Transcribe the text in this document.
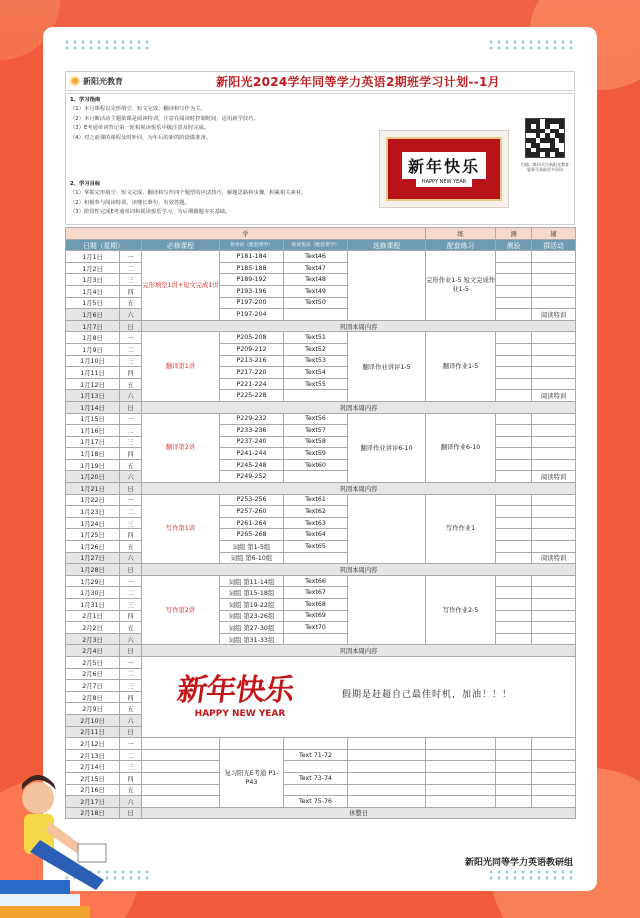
新阳光教育	新阳光2024学年同等学力英语2期班学习计划--1月
1、学习指南
（1）本月课程以完形填空、短文完成、翻译和写作为主。
（2）本月断活动主题依课是阅读特训，注意在阅读时控制时间，适用新学技巧。
（3）E考通单词背记第一轮和视读悦乐中级注意及时完成。
（4）对之前课的课程及时补回，为年后的新的阶段做准备。
2、学习目标
（1）掌握完形填空、短文完成、翻译和写作四个题型的应试技巧，解题思路和步骤，积累相关素材。
（2）积极参与阅读特训，读懂长难句，有效答题。
（3）阶段性完成E考通单词和视读悦乐学习，为后期做题夯实基础。
新年快乐
HAPPY NEW YEAR
扫描二维码关注新阳光教育服务号获取更多资讯
学						练	测	辅
日期（星期）		必修课程	背单词（配套带学）	视读悦乐（配套带学）	选修课程	配套练习	测验	群活动
1月1日	一	完形填空1讲+短文完成1讲	P181-184	Text46		完形作业1-5 短文完成作业1-5		
1月2日	二		P185-188	Text47				
1月3日	三		P189-192	Text48				
1月4日	四		P193-196	Text49				
1月5日	五		P197-200	Text50				
1月6日	六		P197-204					阅读特训
1月7日	日	巩固本周内容						
1月8日	一	翻译第1讲	P205-208	Text51	翻译作业讲评1-5	翻译作业1-5		
1月9日	二		P209-212	Text52				
1月10日	三		P213-216	Text53				
1月11日	四		P217-220	Text54				
1月12日	五		P221-224	Text55				
1月13日	六		P225-228					阅读特训
1月14日	日	巩固本周内容						
1月15日	一	翻译第2讲	P229-232	Text56	翻译作业讲评6-10	翻译作业6-10		
1月16日	二		P233-236	Text57				
1月17日	三		P237-240	Text58				
1月18日	四		P241-244	Text59				
1月19日	五		P245-248	Text60				
1月20日	六		P249-252					阅读特训
1月21日	日	巩固本周内容						
1月22日	一	写作第1讲	P253-256	Text61		写作作业1		
1月23日	二		P257-260	Text62				
1月24日	三		P261-264	Text63				
1月25日	四		P265-268	Text64				
1月26日	五		词组 第1-5组	Text65				
1月27日	六		词组 第6-10组					阅读特训
1月28日	日	巩固本周内容						
1月29日	一	写作第2讲	词组 第11-14组	Text66		写作作业2-5		
1月30日	二		词组 第15-18组	Text67				
1月31日	三		词组 第19-22组	Text68				
2月1日	四		词组 第23-26组	Text69				
2月2日	五		词组 第27-30组	Text70				
2月3日	六		词组 第31-33组					
2月4日	日	巩固本周内容						
2月5日	一	新年快乐
HAPPY NEW YEAR
假期是赶超自己最佳时机，加油！！！						

2月6日	二							
2月7日	三							
2月8日	四							
2月9日	五							
2月10日	六							
2月11日	日							
2月12日	一							
2月13日	二		复习阳光E考通 P1-P43	Text 71-72				
2月14日	三							
2月15日	四			Text 73-74				
2月16日	五							
2月17日	六			Text 75-76				
2月18日	日	休整日						
新阳光同等学力英语教研组
